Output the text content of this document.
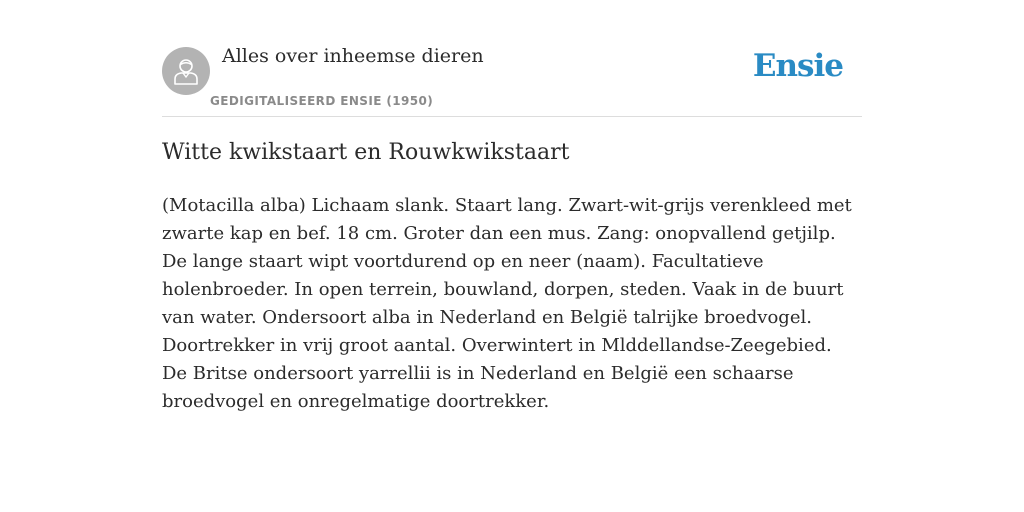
Alles over inheemse dieren
GEDIGITALISEERD ENSIE (1950)
Ensie
Witte kwikstaart en Rouwkwikstaart

(Motacilla alba) Lichaam slank. Staart lang. Zwart-wit-grijs verenkleed met zwarte kap en bef. 18 cm. Groter dan een mus. Zang: onopvallend getjilp. De lange staart wipt voortdurend op en neer (naam). Facultatieve holenbroeder. In open terrein, bouwland, dorpen, steden. Vaak in de buurt van water. Ondersoort alba in Nederland en België talrijke broedvogel. Doortrekker in vrij groot aantal. Overwintert in Mlddellandse-Zeegebied. De Britse ondersoort yarrellii is in Nederland en België een schaarse broedvogel en onregelmatige doortrekker.
